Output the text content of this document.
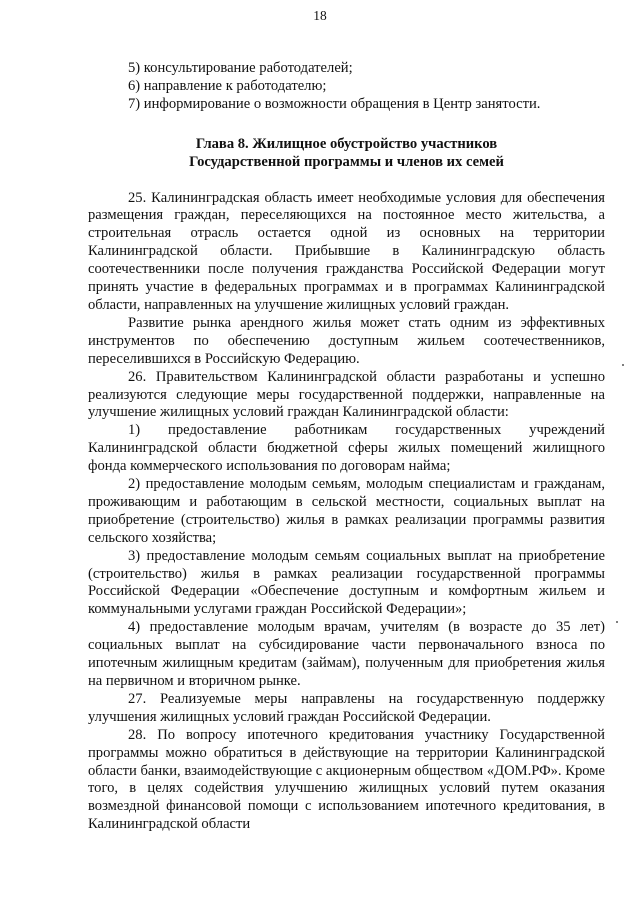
18

5) консультирование работодателей;

6) направление к работодателю;

7) информирование о возможности обращения в Центр занятости.

Глава 8. Жилищное обустройство участников
Государственной программы и членов их семей

25. Калининградская область имеет необходимые условия для обеспечения размещения граждан, переселяющихся на постоянное место жительства, а строительная отрасль остается одной из основных на территории Калининградской области. Прибывшие в Калининградскую область соотечественники после получения гражданства Российской Федерации могут принять участие в федеральных программах и в программах Калининградской области, направленных на улучшение жилищных условий граждан.

Развитие рынка арендного жилья может стать одним из эффективных инструментов по обеспечению доступным жильем соотечественников, переселившихся в Российскую Федерацию.

26. Правительством Калининградской области разработаны и успешно реализуются следующие меры государственной поддержки, направленные на улучшение жилищных условий граждан Калининградской области:

1) предоставление работникам государственных учреждений Калининградской области бюджетной сферы жилых помещений жилищного фонда коммерческого использования по договорам найма;

2) предоставление молодым семьям, молодым специалистам и гражданам, проживающим и работающим в сельской местности, социальных выплат на приобретение (строительство) жилья в рамках реализации программы развития сельского хозяйства;

3) предоставление молодым семьям социальных выплат на приобретение (строительство) жилья в рамках реализации государственной программы Российской Федерации «Обеспечение доступным и комфортным жильем и коммунальными услугами граждан Российской Федерации»;

4) предоставление молодым врачам, учителям (в возрасте до 35 лет) социальных выплат на субсидирование части первоначального взноса по ипотечным жилищным кредитам (займам), полученным для приобретения жилья на первичном и вторичном рынке.

27. Реализуемые меры направлены на государственную поддержку улучшения жилищных условий граждан Российской Федерации.

28. По вопросу ипотечного кредитования участнику Государственной программы можно обратиться в действующие на территории Калининградской области банки, взаимодействующие с акционерным обществом «ДОМ.РФ». Кроме того, в целях содействия улучшению жилищных условий путем оказания возмездной финансовой помощи с использованием ипотечного кредитования, в Калининградской области
